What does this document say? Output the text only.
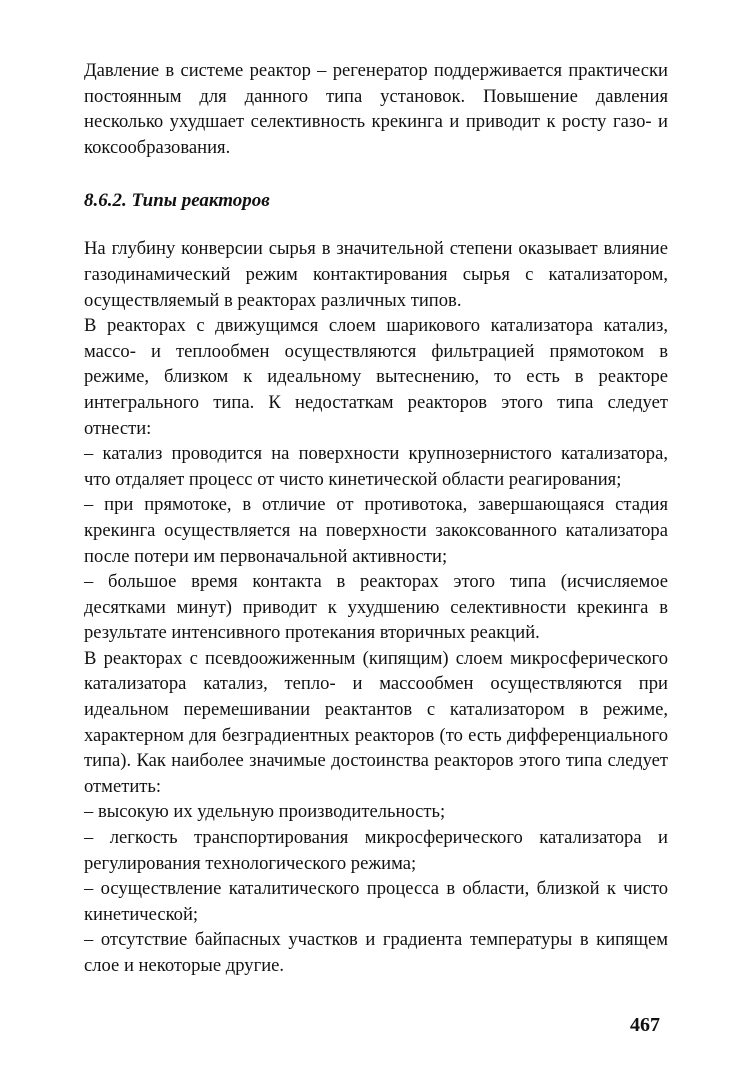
Давление в системе реактор – регенератор поддерживается практически постоянным для данного типа установок. Повышение давления несколько ухудшает селективность крекинга и приводит к росту газо- и коксообразования.

8.6.2. Типы реакторов

На глубину конверсии сырья в значительной степени оказывает влияние газодинамический режим контактирования сырья с катализатором, осуществляемый в реакторах различных типов.

В реакторах с движущимся слоем шарикового катализатора катализ, массо- и теплообмен осуществляются фильтрацией прямотоком в режиме, близком к идеальному вытеснению, то есть в реакторе интегрального типа. К недостаткам реакторов этого типа следует отнести:

– катализ проводится на поверхности крупнозернистого катализатора, что отдаляет процесс от чисто кинетической области реагирования;

– при прямотоке, в отличие от противотока, завершающаяся стадия крекинга осуществляется на поверхности закоксованного катализатора после потери им первоначальной активности;

– большое время контакта в реакторах этого типа (исчисляемое десятками минут) приводит к ухудшению селективности крекинга в результате интенсивного протекания вторичных реакций.

В реакторах с псевдоожиженным (кипящим) слоем микросферического катализатора катализ, тепло- и массообмен осуществляются при идеальном перемешивании реактантов с катализатором в режиме, характерном для безградиентных реакторов (то есть дифференциального типа). Как наиболее значимые достоинства реакторов этого типа следует отметить:

– высокую их удельную производительность;

– легкость транспортирования микросферического катализатора и регулирования технологического режима;

– осуществление каталитического процесса в области, близкой к чисто кинетической;

– отсутствие байпасных участков и градиента температуры в кипящем слое и некоторые другие.

467
